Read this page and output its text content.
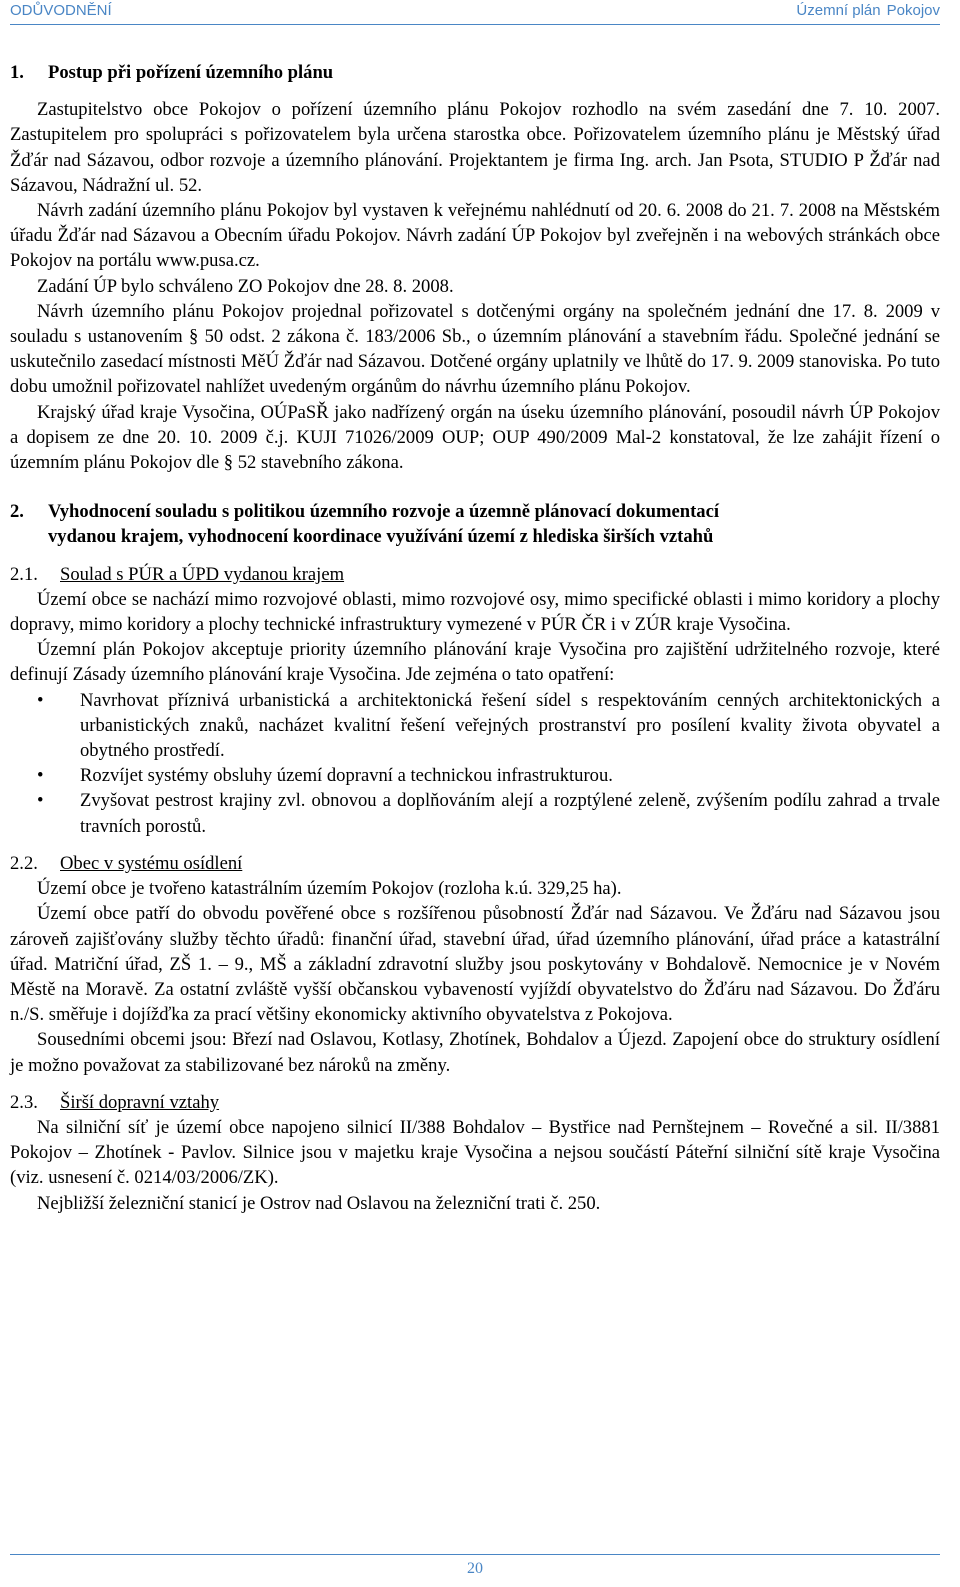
ODŮVODNĚNÍ	Územní plán Pokojov
1. Postup při pořízení územního plánu

Zastupitelstvo obce Pokojov o pořízení územního plánu Pokojov rozhodlo na svém zasedání dne 7. 10. 2007. Zastupitelem pro spolupráci s pořizovatelem byla určena starostka obce. Pořizovatelem územního plánu je Městský úřad Žďár nad Sázavou, odbor rozvoje a územního plánování. Projektantem je firma Ing. arch. Jan Psota, STUDIO P Žďár nad Sázavou, Nádražní ul. 52.

Návrh zadání územního plánu Pokojov byl vystaven k veřejnému nahlédnutí od 20. 6. 2008 do 21. 7. 2008 na Městském úřadu Žďár nad Sázavou a Obecním úřadu Pokojov. Návrh zadání ÚP Pokojov byl zveřejněn i na webových stránkách obce Pokojov na portálu www.pusa.cz.

Zadání ÚP bylo schváleno ZO Pokojov dne 28. 8. 2008.

Návrh územního plánu Pokojov projednal pořizovatel s dotčenými orgány na společném jednání dne 17. 8. 2009 v souladu s ustanovením § 50 odst. 2 zákona č. 183/2006 Sb., o územním plánování a stavebním řádu. Společné jednání se uskutečnilo zasedací místnosti MěÚ Žďár nad Sázavou. Dotčené orgány uplatnily ve lhůtě do 17. 9. 2009 stanoviska. Po tuto dobu umožnil pořizovatel nahlížet uvedeným orgánům do návrhu územního plánu Pokojov.

Krajský úřad kraje Vysočina, OÚPaSŘ jako nadřízený orgán na úseku územního plánování, posoudil návrh ÚP Pokojov a dopisem ze dne 20. 10. 2009 č.j. KUJI 71026/2009 OUP; OUP 490/2009 Mal-2 konstatoval, že lze zahájit řízení o územním plánu Pokojov dle § 52 stavebního zákona.

2. Vyhodnocení souladu s politikou územního rozvoje a územně plánovací dokumentací
vydanou krajem, vyhodnocení koordinace využívání území z hlediska širších vztahů
2.1. Soulad s PÚR a ÚPD vydanou krajem

Území obce se nachází mimo rozvojové oblasti, mimo rozvojové osy, mimo specifické oblasti i mimo koridory a plochy dopravy, mimo koridory a plochy technické infrastruktury vymezené v PÚR ČR i v ZÚR kraje Vysočina.

Územní plán Pokojov akceptuje priority územního plánování kraje Vysočina pro zajištění udržitelného rozvoje, které definují Zásady územního plánování kraje Vysočina. Jde zejména o tato opatření:

• Navrhovat příznivá urbanistická a architektonická řešení sídel s respektováním cenných architektonických a urbanistických znaků, nacházet kvalitní řešení veřejných prostranství pro posílení kvality života obyvatel a obytného prostředí.
• Rozvíjet systémy obsluhy území dopravní a technickou infrastrukturou.
• Zvyšovat pestrost krajiny zvl. obnovou a doplňováním alejí a rozptýlené zeleně, zvýšením podílu zahrad a trvale travních porostů.
2.2. Obec v systému osídlení

Území obce je tvořeno katastrálním územím Pokojov (rozloha k.ú. 329,25 ha).

Území obce patří do obvodu pověřené obce s rozšířenou působností Žďár nad Sázavou. Ve Žďáru nad Sázavou jsou zároveň zajišťovány služby těchto úřadů: finanční úřad, stavební úřad, úřad územního plánování, úřad práce a katastrální úřad. Matriční úřad, ZŠ 1. – 9., MŠ a základní zdravotní služby jsou poskytovány v Bohdalově. Nemocnice je v Novém Městě na Moravě. Za ostatní zvláště vyšší občanskou vybaveností vyjíždí obyvatelstvo do Žďáru nad Sázavou. Do Žďáru n./S. směřuje i dojížďka za prací většiny ekonomicky aktivního obyvatelstva z Pokojova.

Sousedními obcemi jsou: Březí nad Oslavou, Kotlasy, Zhotínek, Bohdalov a Újezd. Zapojení obce do struktury osídlení je možno považovat za stabilizované bez nároků na změny.

2.3. Širší dopravní vztahy

Na silniční síť je území obce napojeno silnicí II/388 Bohdalov – Bystřice nad Pernštejnem – Rovečné a sil. II/3881 Pokojov – Zhotínek - Pavlov. Silnice jsou v majetku kraje Vysočina a nejsou součástí Páteřní silniční sítě kraje Vysočina (viz. usnesení č. 0214/03/2006/ZK).

Nejbližší železniční stanicí je Ostrov nad Oslavou na železniční trati č. 250.

20
